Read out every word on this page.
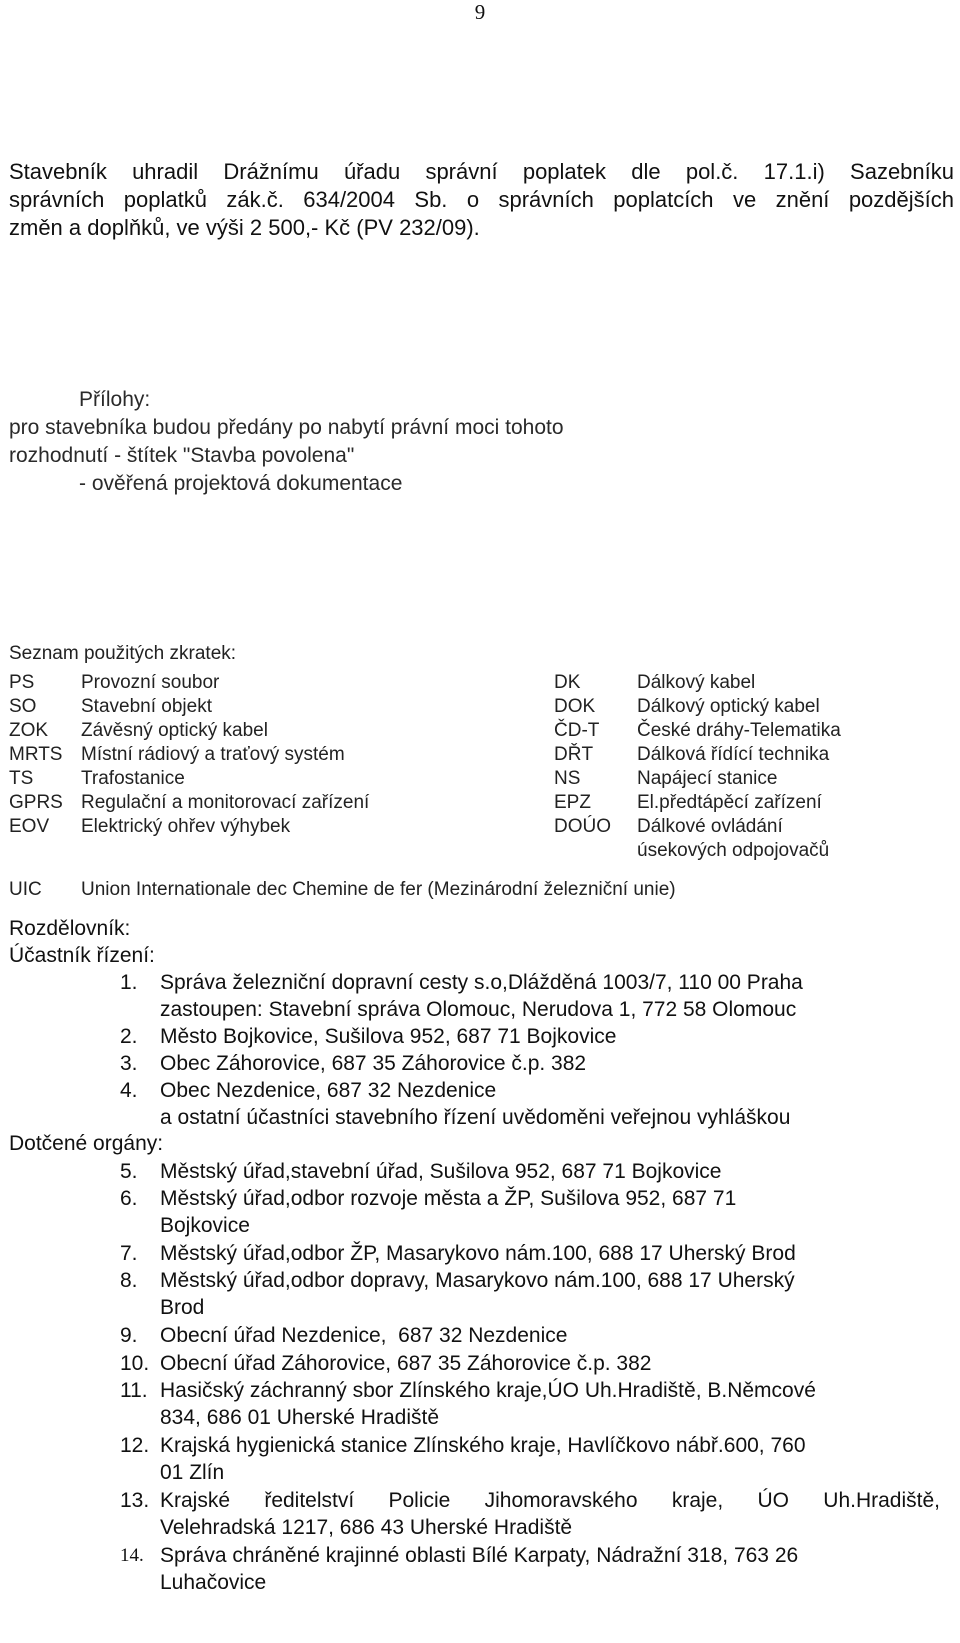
9
Stavebník uhradil Drážnímu úřadu správní poplatek dle pol.č. 17.1.i) Sazebníku
správních poplatků zák.č. 634/2004 Sb. o správních poplatcích ve znění pozdějších
změn a doplňků, ve výši 2 500,- Kč (PV 232/09).
Přílohy:
pro stavebníka budou předány po nabytí právní moci tohoto
rozhodnutí - štítek "Stavba povolena"
- ověřená projektová dokumentace
Seznam použitých zkratek:
PS Provozní soubor
SO Stavební objekt
ZOK Závěsný optický kabel
MRTS Místní rádiový a traťový systém
TS	Trafostanice
GPRS Regulační a monitorovací zařízení
EOV Elektrický ohřev výhybek
DK	Dálkový kabel
DOK Dálkový optický kabel
ČD-T České dráhy-Telematika
DŘT Dálková řídící technika
NS	Napájecí stanice
EPZ El.předtápěcí zařízení
DOÚO Dálkové ovládání
úsekových odpojovačů
UIC Union Internationale dec Chemine de fer (Mezinárodní železniční unie)
Rozdělovník:
Účastník řízení:
1. Správa železniční dopravní cesty s.o,Dlážděná 1003/7, 110 00 Praha
zastoupen: Stavební správa Olomouc, Nerudova 1, 772 58 Olomouc
2. Město Bojkovice, Sušilova 952, 687 71 Bojkovice
3. Obec Záhorovice, 687 35 Záhorovice č.p. 382
4. Obec Nezdenice, 687 32 Nezdenice
a ostatní účastníci stavebního řízení uvědoměni veřejnou vyhláškou
Dotčené orgány:
5. Městský úřad,stavební úřad, Sušilova 952, 687 71 Bojkovice
6. Městský úřad,odbor rozvoje města a ŽP, Sušilova 952, 687 71
Bojkovice
7. Městský úřad,odbor ŽP, Masarykovo nám.100, 688 17 Uherský Brod
8. Městský úřad,odbor dopravy, Masarykovo nám.100, 688 17 Uherský
Brod
9. Obecní úřad Nezdenice,  687 32 Nezdenice
10. Obecní úřad Záhorovice, 687 35 Záhorovice č.p. 382
11. Hasičský záchranný sbor Zlínského kraje,ÚO Uh.Hradiště, B.Němcové
834, 686 01 Uherské Hradiště
12. Krajská hygienická stanice Zlínského kraje, Havlíčkovo nábř.600, 760
01 Zlín
13. Krajské ředitelství Policie Jihomoravského kraje, ÚO Uh.Hradiště,
Velehradská 1217, 686 43 Uherské Hradiště
14. Správa chráněné krajinné oblasti Bílé Karpaty, Nádražní 318, 763 26
Luhačovice
